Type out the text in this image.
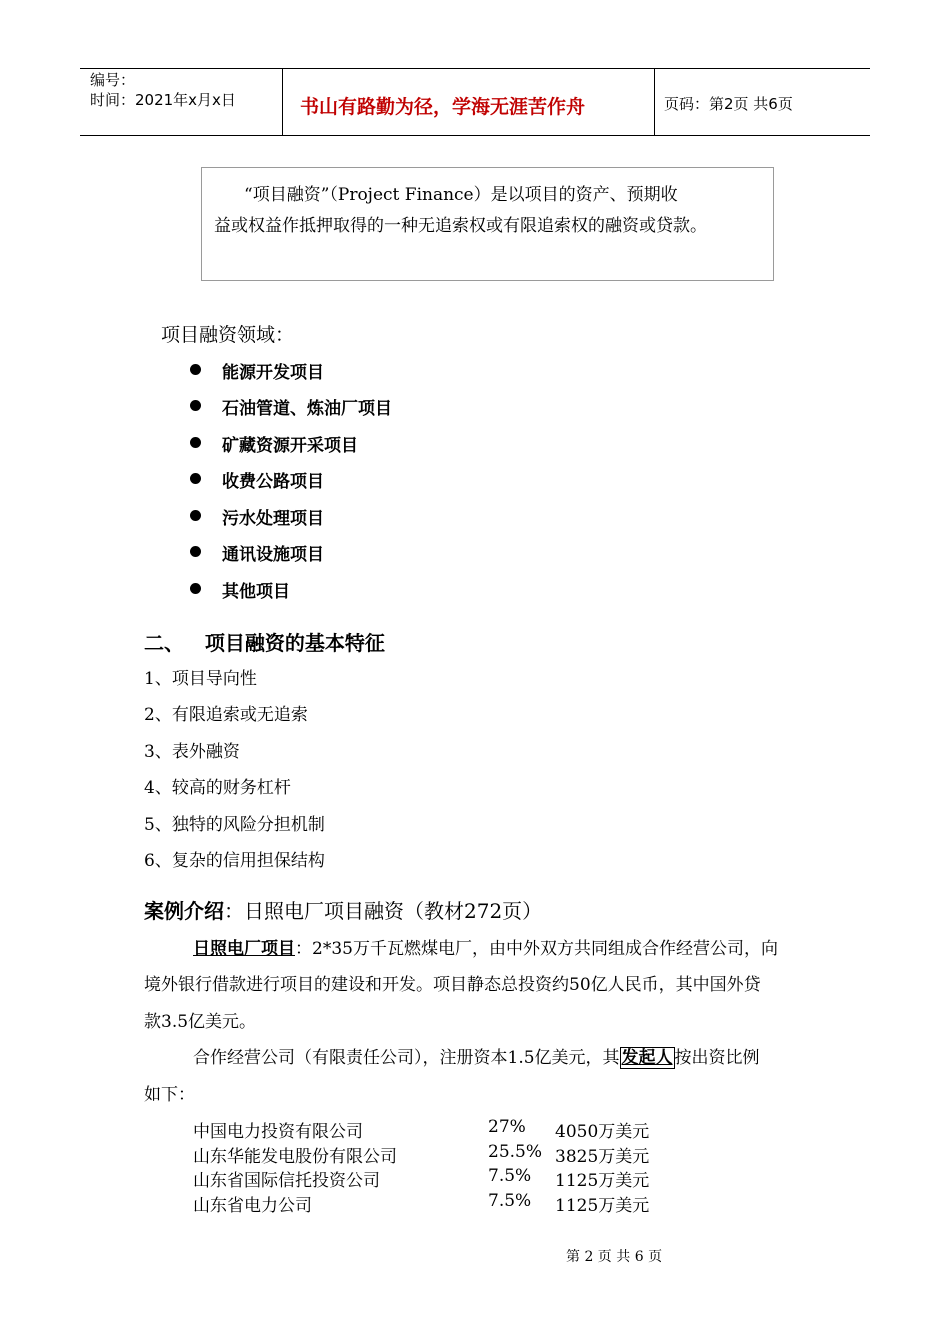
编号：
时间：2021年x月x日	书山有路勤为径，学海无涯苦作舟	页码：第2页 共6页
“项目融资”（Project Finance）是以项目的资产、预期收
益或权益作抵押取得的一种无追索权或有限追索权的融资或贷款。
项目融资领域：
能源开发项目
石油管道、炼油厂项目
矿藏资源开采项目
收费公路项目
污水处理项目
通讯设施项目
其他项目
二、   项目融资的基本特征
1、项目导向性
2、有限追索或无追索
3、表外融资
4、较高的财务杠杆
5、独特的风险分担机制
6、复杂的信用担保结构
案例介绍：日照电厂项目融资（教材272页）
日照电厂项目：2*35万千瓦燃煤电厂，由中外双方共同组成合作经营公司，向
境外银行借款进行项目的建设和开发。项目静态总投资约50亿人民币，其中国外贷
款3.5亿美元。
合作经营公司（有限责任公司），注册资本1.5亿美元，其 发起人 按出资比例
如下：
中国电力投资有限公司	27% 4050万美元
山东华能发电股份有限公司	25.5% 3825万美元
山东省国际信托投资公司	7.5% 1125万美元
山东省电力公司	7.5% 1125万美元
第 2 页 共 6 页
